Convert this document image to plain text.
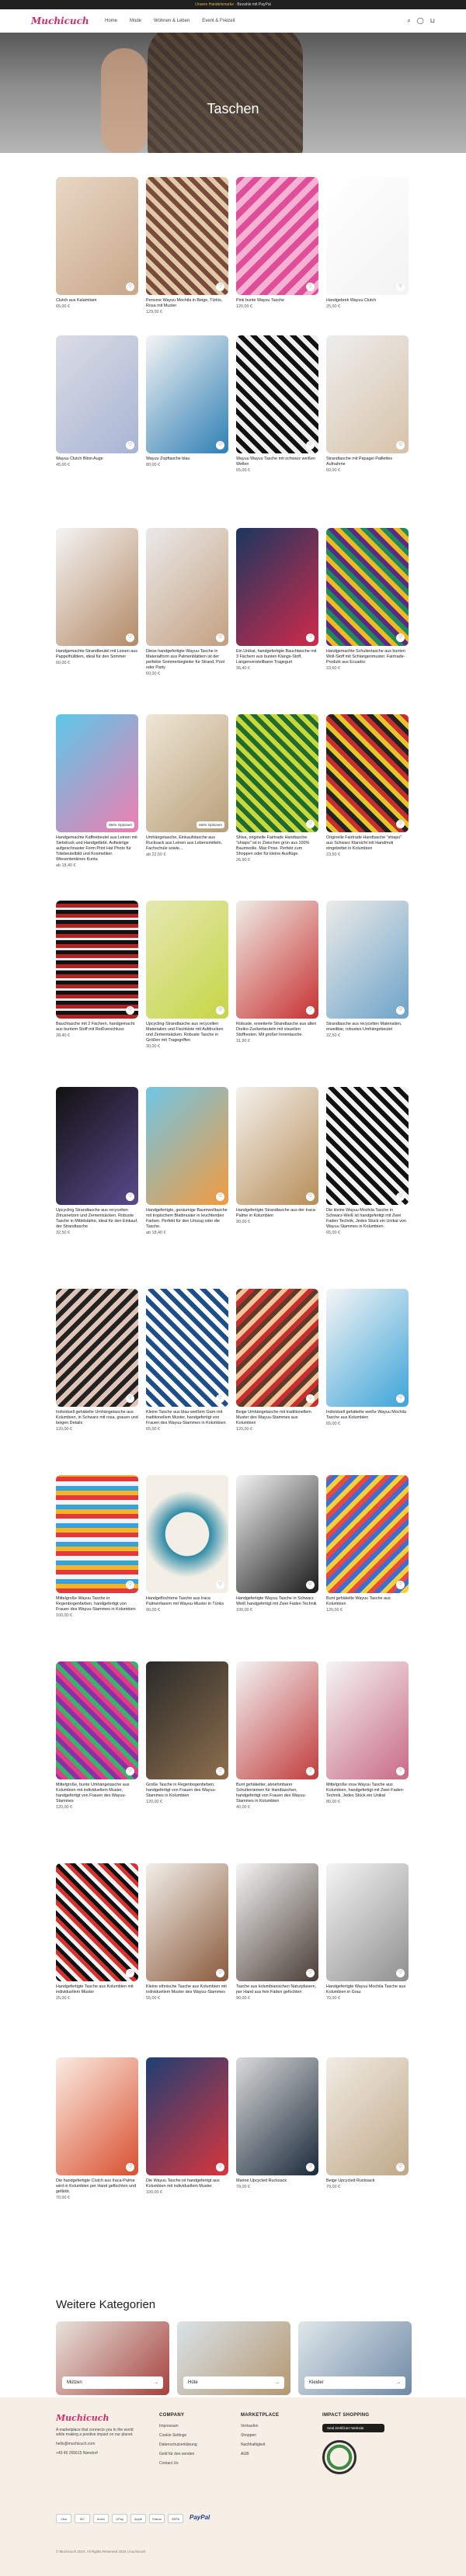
Unsere Handelsmarke · Bezahle mit PayPal
Muchicuch	Home	Mode	Wohnen & Leben	Event & Freizeit	⌕ ◯ ⊔
Taschen
♡
Clutch aus Kalamitam
65,00 €
♡
Persone Wayuu Mochila in Beige, Türkis, Rosa mit Muster
129,00 €
♡
Pink bunte Wayuu Tasche
120,00 €
♡
Handgebrek Wayuu Clutch
25,00 €
♡
Wayuu Clutch Blinn Auge
45,00 €
♡
Wayuu Zopftasche blau
80,00 €
♡
Wayuu Wayuu Tasche mit schwarz weißen Wellen
65,00 €
♡
Strandtasche mit Papagei Paillettes Aufnahme
60,00 €
♡
Handgemachte Strandbeutel mit Leisen aus Pappelhülldem, ideal für den Sommer
60,00 €
♡
Diese handgefertigte Wayuu-Tasche in Materialform aus Palmenblättern ist der perfekte Sommerbegleiter für Strand, Pool oder Party
60,00 €
♡
Ein Unikat, handgefertigte Bauchtasche mit 3 Fächern aus bunten Klangs-Stoff, Längenverstellbarer Tragegurt
36,40 €
♡
Handgemachte Schultertasche aus bunten Woll-Stoff mit Schlangenmuster. Fairtrade-Produkt aus Ecuador.
33,60 €
Mehr Optionen
Handgemachte Kaffeebeutel aus Leinen mit Siebdruck und Handgefärbt. Aufwärtige aufgeschnaster Form Print Hat Photo für Totebeutelbild und Kosmetiker. Wiesentenkines Kunta
ab 18,40 €
Mehr Optionen
Umhängetasche, Einkaufstasche aus Rucksack aus Leinen aus Lebensmitteln, Fachschule sowie...
ab 22,50 €
♡
Shiva, originelle Fairtrade Handtasche "shiapo" ist in Zwischen grün aus 100% Baumwolle. Max Prise. Perfekt zum Shoppen oder für kleine Ausflüge.
26,90 €
♡
Originelle Fairtrade Handtasche "shiapo" aus Schwarz Klarsicht mit Handmoti eingebettet in Kolumbien
23,50 €
♡
Bauchtasche mit 2 Fächern, handgemacht aus buntem Stoff mit Reißverschluss
28,40 €
♡
Upcycling-Strandtasche aus recycelten Materialien und Fischkiste mit Aufdrucken und Zementsäcken. Robuste Tasche in Größen mit Tragegriffen
30,00 €
♡
Robuste, erweiterte Strandtasche aus alten Dreiko-Zuckerbeuteln mit visuellen Stoffresten. Mit großer Innentasche.
31,90 €
♡
Strandtasche aus recycelten Materialien, erweitbar, robustes Umhängebeutel
32,50 €
♡
Upcycling Strandtasche aus recycelten Zitrusnetzen und Zementsäcken. Robuste Tasche in Mittelstärke, ideal für den Einkauf, der Strandtasche
32,50 €
♡
Handgefertigte, geräumige Baumwolltasche mit tropischem Blattmuster in leuchtenden Farben. Perfekt für den Umzug oder die Tasche.
ab 18,40 €
♡
Handgefertigte Strandtasche aus der Iraca-Palme in Kolumbien
90,00 €
♡
Die kleine Wayuu Mochila Tasche in Schwarz-Weiß ist handgefertigt mit Zwei Faden Technik, Jedes Stück ein Unikat von Wayuu Stammes in Kolumbien.
65,00 €
♡
Individuell gehäkelte Umhängetasche aus Kolumbien, in Schwarz mit rosa, grauen und beigen Details
120,00 €
♡
Kleine Tasche aus blau-weißem Garn mit traditionellem Muster, handgefertigt von Frauen des Wayuu-Stammes in Kolumbien
65,00 €
♡
Beige Umhängetasche mit traditionellem Muster des Wayuu-Stammes aus Kolumbien
120,00 €
♡
Individuell gehäkelte weiße Wayuu Mochila Tasche aus Kolumbien
65,00 €
♡
Mittelgroße Wayuu Tasche in Regenbogenfarben, handgefertigt von Frauen des Wayuu-Stammes in Kolumbien
100,00 €
♡
Handgeflochtene Tasche aus Iraca Palmenfasern mit Wayuu-Muster in Türkis
90,00 €
♡
Handgefertigte Wayuu Tasche in Schwarz Weiß handgefertigt mit Zwei Faden Technik
100,00 €
♡
Bunt gehäkelte Wayuu Tasche aus Kolumbien
120,00 €
♡
Mittelgroße, bunte Umhängetasche aus Kolumbien mit individuellem Muster, handgefertigt von Frauen des Wayuu-Stammes
120,00 €
♡
Große Tasche in Regenbogenfarben, handgefertigt von Frauen des Wayuu-Stammes in Kolumbien
120,00 €
♡
Bunt gehäkelter, abnehmbarer Schulterriemen für Handtaschen, handgefertigt von Frauen des Wayuu-Stammes in Kolumbien
40,00 €
♡
Mittelgroße rosa Wayuu Tasche aus Kolumbien, handgefertigt mit Zwei-Faden-Technik, Jedes Stück ein Unikat
80,00 €
♡
Handgefertigte Tasche aus Kolumbien mit individuellem Muster
25,00 €
♡
Kleine ethnische Tasche aus Kolumbien mit individuellem Muster des Wayuu-Stammes
55,00 €
♡
Tasche aus kolumbianischen Naturpfasern, per Hand aus fein Fäden gefochten
90,00 €
♡
Handgefertigte Wayuu Mochila Tasche aus Kolumbien in Grau
70,00 €
♡
Die handgefertigte Clutch aus Iraca-Palme wird in Kolumbien per Hand geflochten und gefärbt.
70,00 €
♡
Die Wayuu Tasche ist handgefertigt aus Kolumbien mit individuellem Muster.
100,00 €
♡
Marine Upcycled Rucksack
79,00 €
♡
Beige Upcycled Rucksack
79,00 €
Weitere Kategorien
Mützen	→	Hüte	→	Kleider	→
Muchicuch
A marketplace that connects you to the world while making a positive impact on our planet.
hello@muchicuch.com
+49 40 265615 Niendorf
COMPANY
Impressum
Cookie Settings
Datenschutzerklärung
Geld für den senden
Contact Us
MARKETPLACE
Verkaufen
Shoppen
Nachhaltigkeit
AGB
IMPACT SHOPPING
Seal Zertifiziert Website
Visa	MC	Amex	GPay	Apple	Klarna	SEPA	PayPal
© Muchicuch 2024. All Rights Reserved 2023 | muchicuch
